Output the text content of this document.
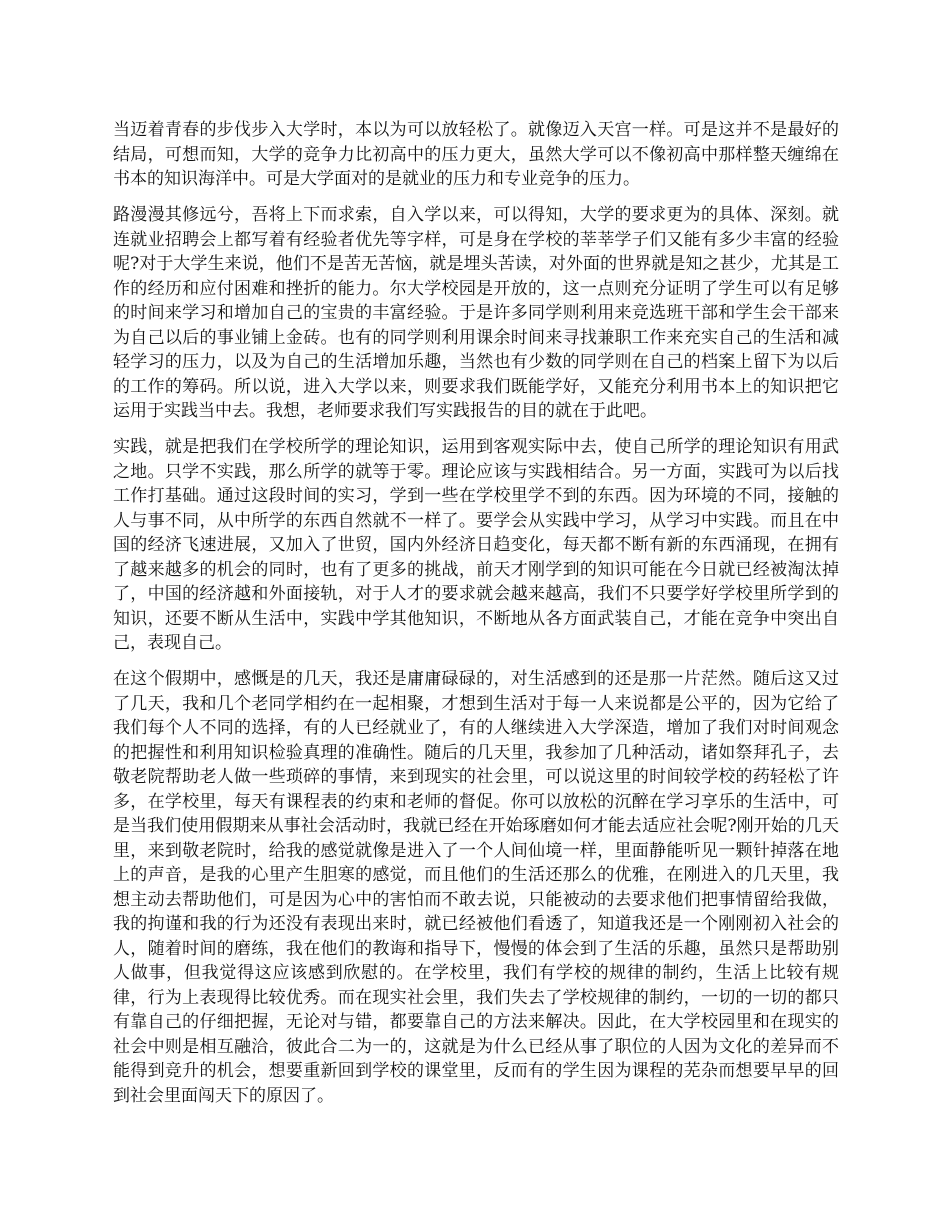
当迈着青春的步伐步入大学时，本以为可以放轻松了。就像迈入天宫一样。可是这并不是最好的结局，可想而知，大学的竞争力比初高中的压力更大，虽然大学可以不像初高中那样整天缠绵在书本的知识海洋中。可是大学面对的是就业的压力和专业竞争的压力。

路漫漫其修远兮，吾将上下而求索，自入学以来，可以得知，大学的要求更为的具体、深刻。就连就业招聘会上都写着有经验者优先等字样，可是身在学校的莘莘学子们又能有多少丰富的经验呢?对于大学生来说，他们不是苦无苦恼，就是埋头苦读，对外面的世界就是知之甚少，尤其是工作的经历和应付困难和挫折的能力。尔大学校园是开放的，这一点则充分证明了学生可以有足够的时间来学习和增加自己的宝贵的丰富经验。于是许多同学则利用来竞选班干部和学生会干部来为自己以后的事业铺上金砖。也有的同学则利用课余时间来寻找兼职工作来充实自己的生活和减轻学习的压力，以及为自己的生活增加乐趣，当然也有少数的同学则在自己的档案上留下为以后的工作的筹码。所以说，进入大学以来，则要求我们既能学好，又能充分利用书本上的知识把它运用于实践当中去。我想，老师要求我们写实践报告的目的就在于此吧。

实践，就是把我们在学校所学的理论知识，运用到客观实际中去，使自己所学的理论知识有用武之地。只学不实践，那么所学的就等于零。理论应该与实践相结合。另一方面，实践可为以后找工作打基础。通过这段时间的实习，学到一些在学校里学不到的东西。因为环境的不同，接触的人与事不同，从中所学的东西自然就不一样了。要学会从实践中学习，从学习中实践。而且在中国的经济飞速进展，又加入了世贸，国内外经济日趋变化，每天都不断有新的东西涌现，在拥有了越来越多的机会的同时，也有了更多的挑战，前天才刚学到的知识可能在今日就已经被淘汰掉了，中国的经济越和外面接轨，对于人才的要求就会越来越高，我们不只要学好学校里所学到的知识，还要不断从生活中，实践中学其他知识，不断地从各方面武装自己，才能在竞争中突出自己，表现自己。

在这个假期中，感慨是的几天，我还是庸庸碌碌的，对生活感到的还是那一片茫然。随后这又过了几天，我和几个老同学相约在一起相聚，才想到生活对于每一人来说都是公平的，因为它给了我们每个人不同的选择，有的人已经就业了，有的人继续进入大学深造，增加了我们对时间观念的把握性和利用知识检验真理的准确性。随后的几天里，我参加了几种活动，诸如祭拜孔子，去敬老院帮助老人做一些琐碎的事情，来到现实的社会里，可以说这里的时间较学校的药轻松了许多，在学校里，每天有课程表的约束和老师的督促。你可以放松的沉醉在学习享乐的生活中，可是当我们使用假期来从事社会活动时，我就已经在开始琢磨如何才能去适应社会呢?刚开始的几天里，来到敬老院时，给我的感觉就像是进入了一个人间仙境一样，里面静能听见一颗针掉落在地上的声音，是我的心里产生胆寒的感觉，而且他们的生活还那么的优雅，在刚进入的几天里，我想主动去帮助他们，可是因为心中的害怕而不敢去说，只能被动的去要求他们把事情留给我做，我的拘谨和我的行为还没有表现出来时，就已经被他们看透了，知道我还是一个刚刚初入社会的人，随着时间的磨练，我在他们的教诲和指导下，慢慢的体会到了生活的乐趣，虽然只是帮助别人做事，但我觉得这应该感到欣慰的。在学校里，我们有学校的规律的制约，生活上比较有规律，行为上表现得比较优秀。而在现实社会里，我们失去了学校规律的制约，一切的一切的都只有靠自己的仔细把握，无论对与错，都要靠自己的方法来解决。因此，在大学校园里和在现实的社会中则是相互融洽，彼此合二为一的，这就是为什么已经从事了职位的人因为文化的差异而不能得到竞升的机会，想要重新回到学校的课堂里，反而有的学生因为课程的芜杂而想要早早的回到社会里面闯天下的原因了。
